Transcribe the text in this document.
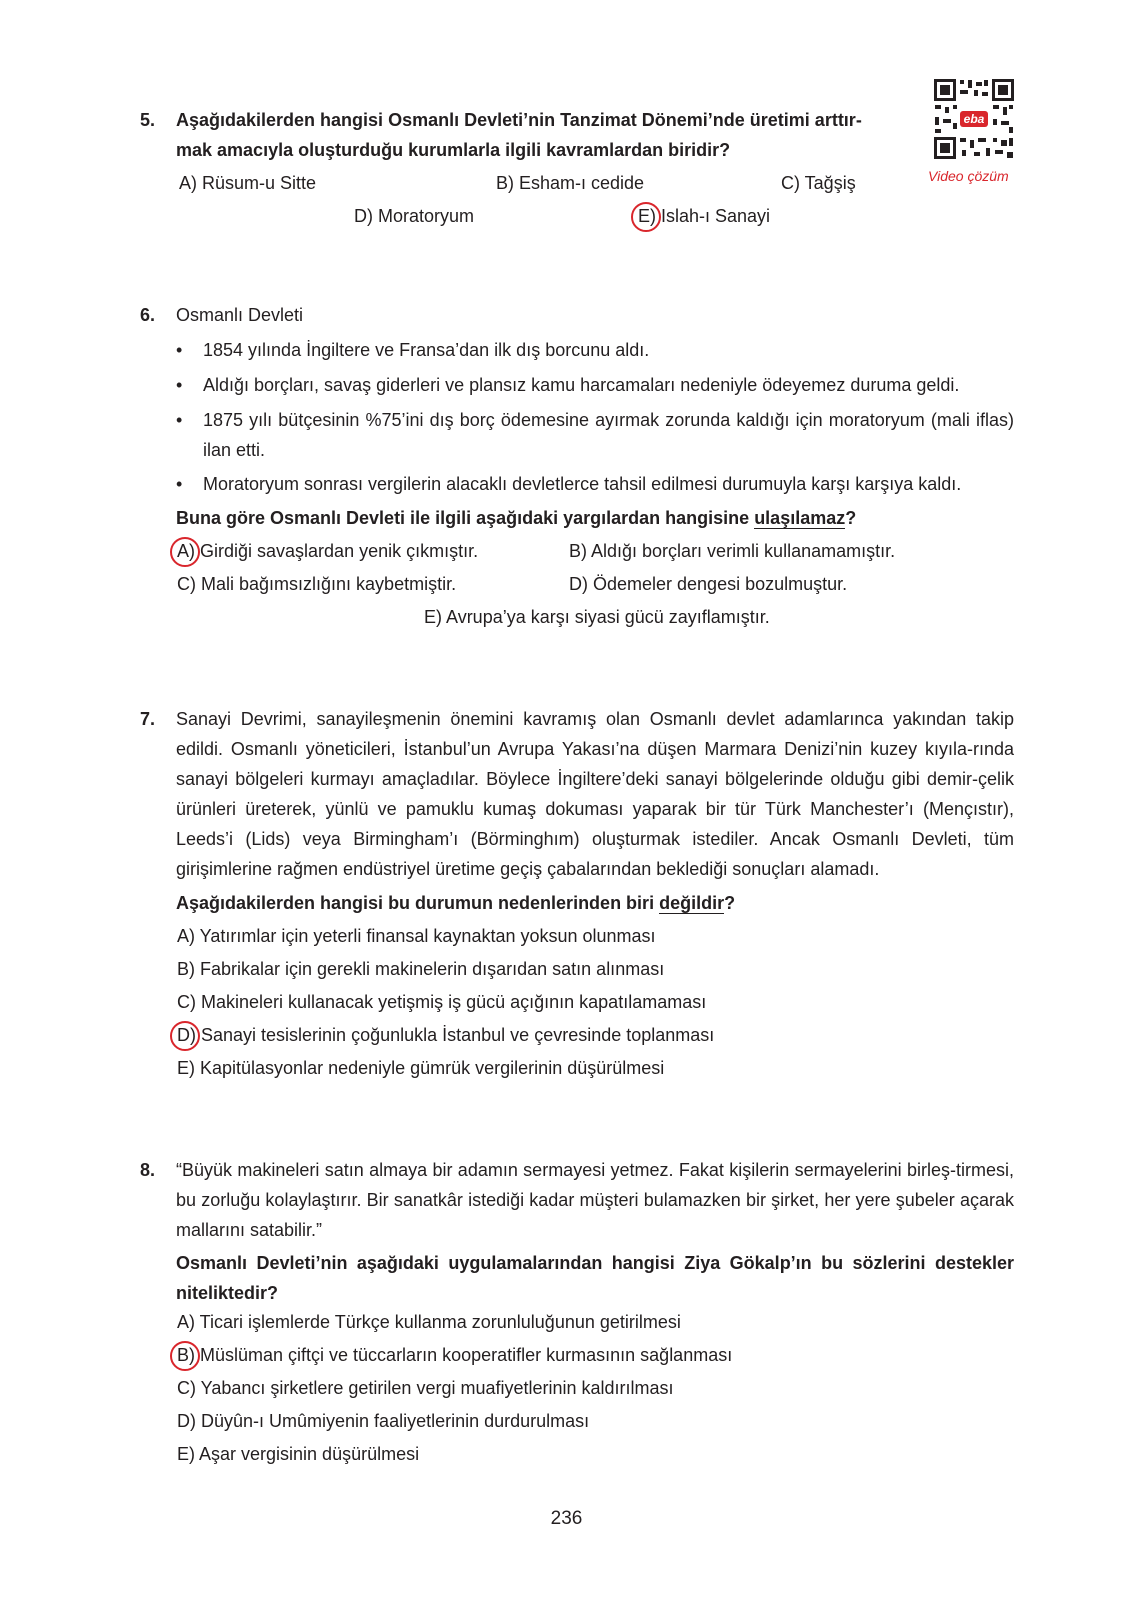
eba
Video çözüm
5. Aşağıdakilerden hangisi Osmanlı Devleti’nin Tanzimat Dönemi’nde üretimi arttır-
mak amacıyla oluşturduğu kurumlarla ilgili kavramlardan biridir?
A) Rüsum-u Sitte	B) Esham-ı cedide	C) Tağşiş
D) Moratoryum	E) Islah-ı Sanayi
6. Osmanlı Devleti
• 1854 yılında İngiltere ve Fransa’dan ilk dış borcunu aldı.
• Aldığı borçları, savaş giderleri ve plansız kamu harcamaları nedeniyle ödeyemez duruma geldi.
• 1875 yılı bütçesinin %75’ini dış borç ödemesine ayırmak zorunda kaldığı için moratoryum (mali iflas) ilan etti.
• Moratoryum sonrası vergilerin alacaklı devletlerce tahsil edilmesi durumuyla karşı karşıya kaldı.
Buna göre Osmanlı Devleti ile ilgili aşağıdaki yargılardan hangisine ulaşılamaz?
A) Girdiği savaşlardan yenik çıkmıştır.	B) Aldığı borçları verimli kullanamamıştır.
C) Mali bağımsızlığını kaybetmiştir.	D) Ödemeler dengesi bozulmuştur.
E) Avrupa’ya karşı siyasi gücü zayıflamıştır.
7. Sanayi Devrimi, sanayileşmenin önemini kavramış olan Osmanlı devlet adamlarınca yakından takip edildi. Osmanlı yöneticileri, İstanbul’un Avrupa Yakası’na düşen Marmara Denizi’nin kuzey kıyıla-rında sanayi bölgeleri kurmayı amaçladılar. Böylece İngiltere’deki sanayi bölgelerinde olduğu gibi demir-çelik ürünleri üreterek, yünlü ve pamuklu kumaş dokuması yaparak bir tür Türk Manchester’ı (Mençıstır), Leeds’i (Lids) veya Birmingham’ı (Börminghım) oluşturmak istediler. Ancak Osmanlı Devleti, tüm girişimlerine rağmen endüstriyel üretime geçiş çabalarından beklediği sonuçları alamadı.
Aşağıdakilerden hangisi bu durumun nedenlerinden biri değildir?
A) Yatırımlar için yeterli finansal kaynaktan yoksun olunması
B) Fabrikalar için gerekli makinelerin dışarıdan satın alınması
C) Makineleri kullanacak yetişmiş iş gücü açığının kapatılamaması
D) Sanayi tesislerinin çoğunlukla İstanbul ve çevresinde toplanması
E) Kapitülasyonlar nedeniyle gümrük vergilerinin düşürülmesi
8. “Büyük makineleri satın almaya bir adamın sermayesi yetmez. Fakat kişilerin sermayelerini birleş-tirmesi, bu zorluğu kolaylaştırır. Bir sanatkâr istediği kadar müşteri bulamazken bir şirket, her yere şubeler açarak mallarını satabilir.”
Osmanlı Devleti’nin aşağıdaki uygulamalarından hangisi Ziya Gökalp’ın bu sözlerini destekler niteliktedir?
A) Ticari işlemlerde Türkçe kullanma zorunluluğunun getirilmesi
B) Müslüman çiftçi ve tüccarların kooperatifler kurmasının sağlanması
C) Yabancı şirketlere getirilen vergi muafiyetlerinin kaldırılması
D) Düyûn-ı Umûmiyenin faaliyetlerinin durdurulması
E) Aşar vergisinin düşürülmesi
236
